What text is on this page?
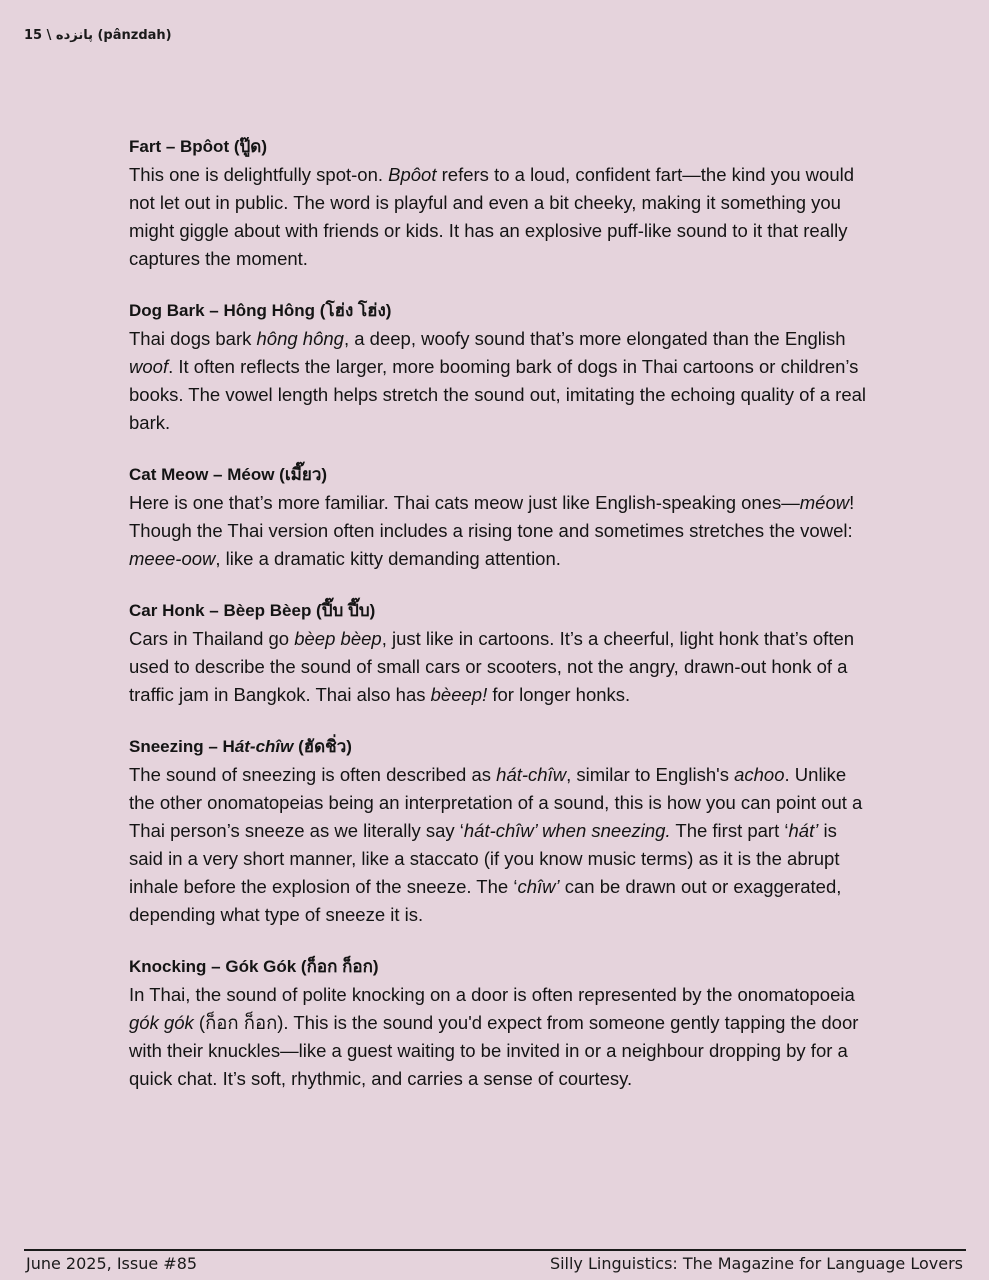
15 \ پانزده (pânzdah)

Fart – Bpôot (ปู๊ด)

This one is delightfully spot-on. Bpôot refers to a loud, confident fart—the kind you would not let out in public. The word is playful and even a bit cheeky, making it something you might giggle about with friends or kids. It has an explosive puff-like sound to it that really captures the moment.

Dog Bark – Hông Hông (โฮ่ง โฮ่ง)

Thai dogs bark hông hông, a deep, woofy sound that’s more elongated than the English woof. It often reflects the larger, more booming bark of dogs in Thai cartoons or children’s books. The vowel length helps stretch the sound out, imitating the echoing quality of a real bark.

Cat Meow – Méow (เมี๊ยว)

Here is one that’s more familiar. Thai cats meow just like English-speaking ones—méow! Though the Thai version often includes a rising tone and sometimes stretches the vowel: meee-oow, like a dramatic kitty demanding attention.

Car Honk – Bèep Bèep (ปี๊บ ปี๊บ)

Cars in Thailand go bèep bèep, just like in cartoons. It’s a cheerful, light honk that’s often used to describe the sound of small cars or scooters, not the angry, drawn-out honk of a traffic jam in Bangkok. Thai also has bèeep! for longer honks.

Sneezing – Hát-chîw (ฮัดชิ่ว)

The sound of sneezing is often described as hát-chîw, similar to English's achoo. Unlike the other onomatopeias being an interpretation of a sound, this is how you can point out a Thai person’s sneeze as we literally say ‘hát-chîw’ when sneezing. The first part ‘hát’ is said in a very short manner, like a staccato (if you know music terms) as it is the abrupt inhale before the explosion of the sneeze. The ‘chîw’ can be drawn out or exaggerated, depending what type of sneeze it is.

Knocking – Gók Gók (ก็อก ก็อก)

In Thai, the sound of polite knocking on a door is often represented by the onomatopoeia gók gók (ก็อก ก็อก). This is the sound you'd expect from someone gently tapping the door with their knuckles—like a guest waiting to be invited in or a neighbour dropping by for a quick chat. It’s soft, rhythmic, and carries a sense of courtesy.

June 2025, Issue #85	Silly Linguistics: The Magazine for Language Lovers
